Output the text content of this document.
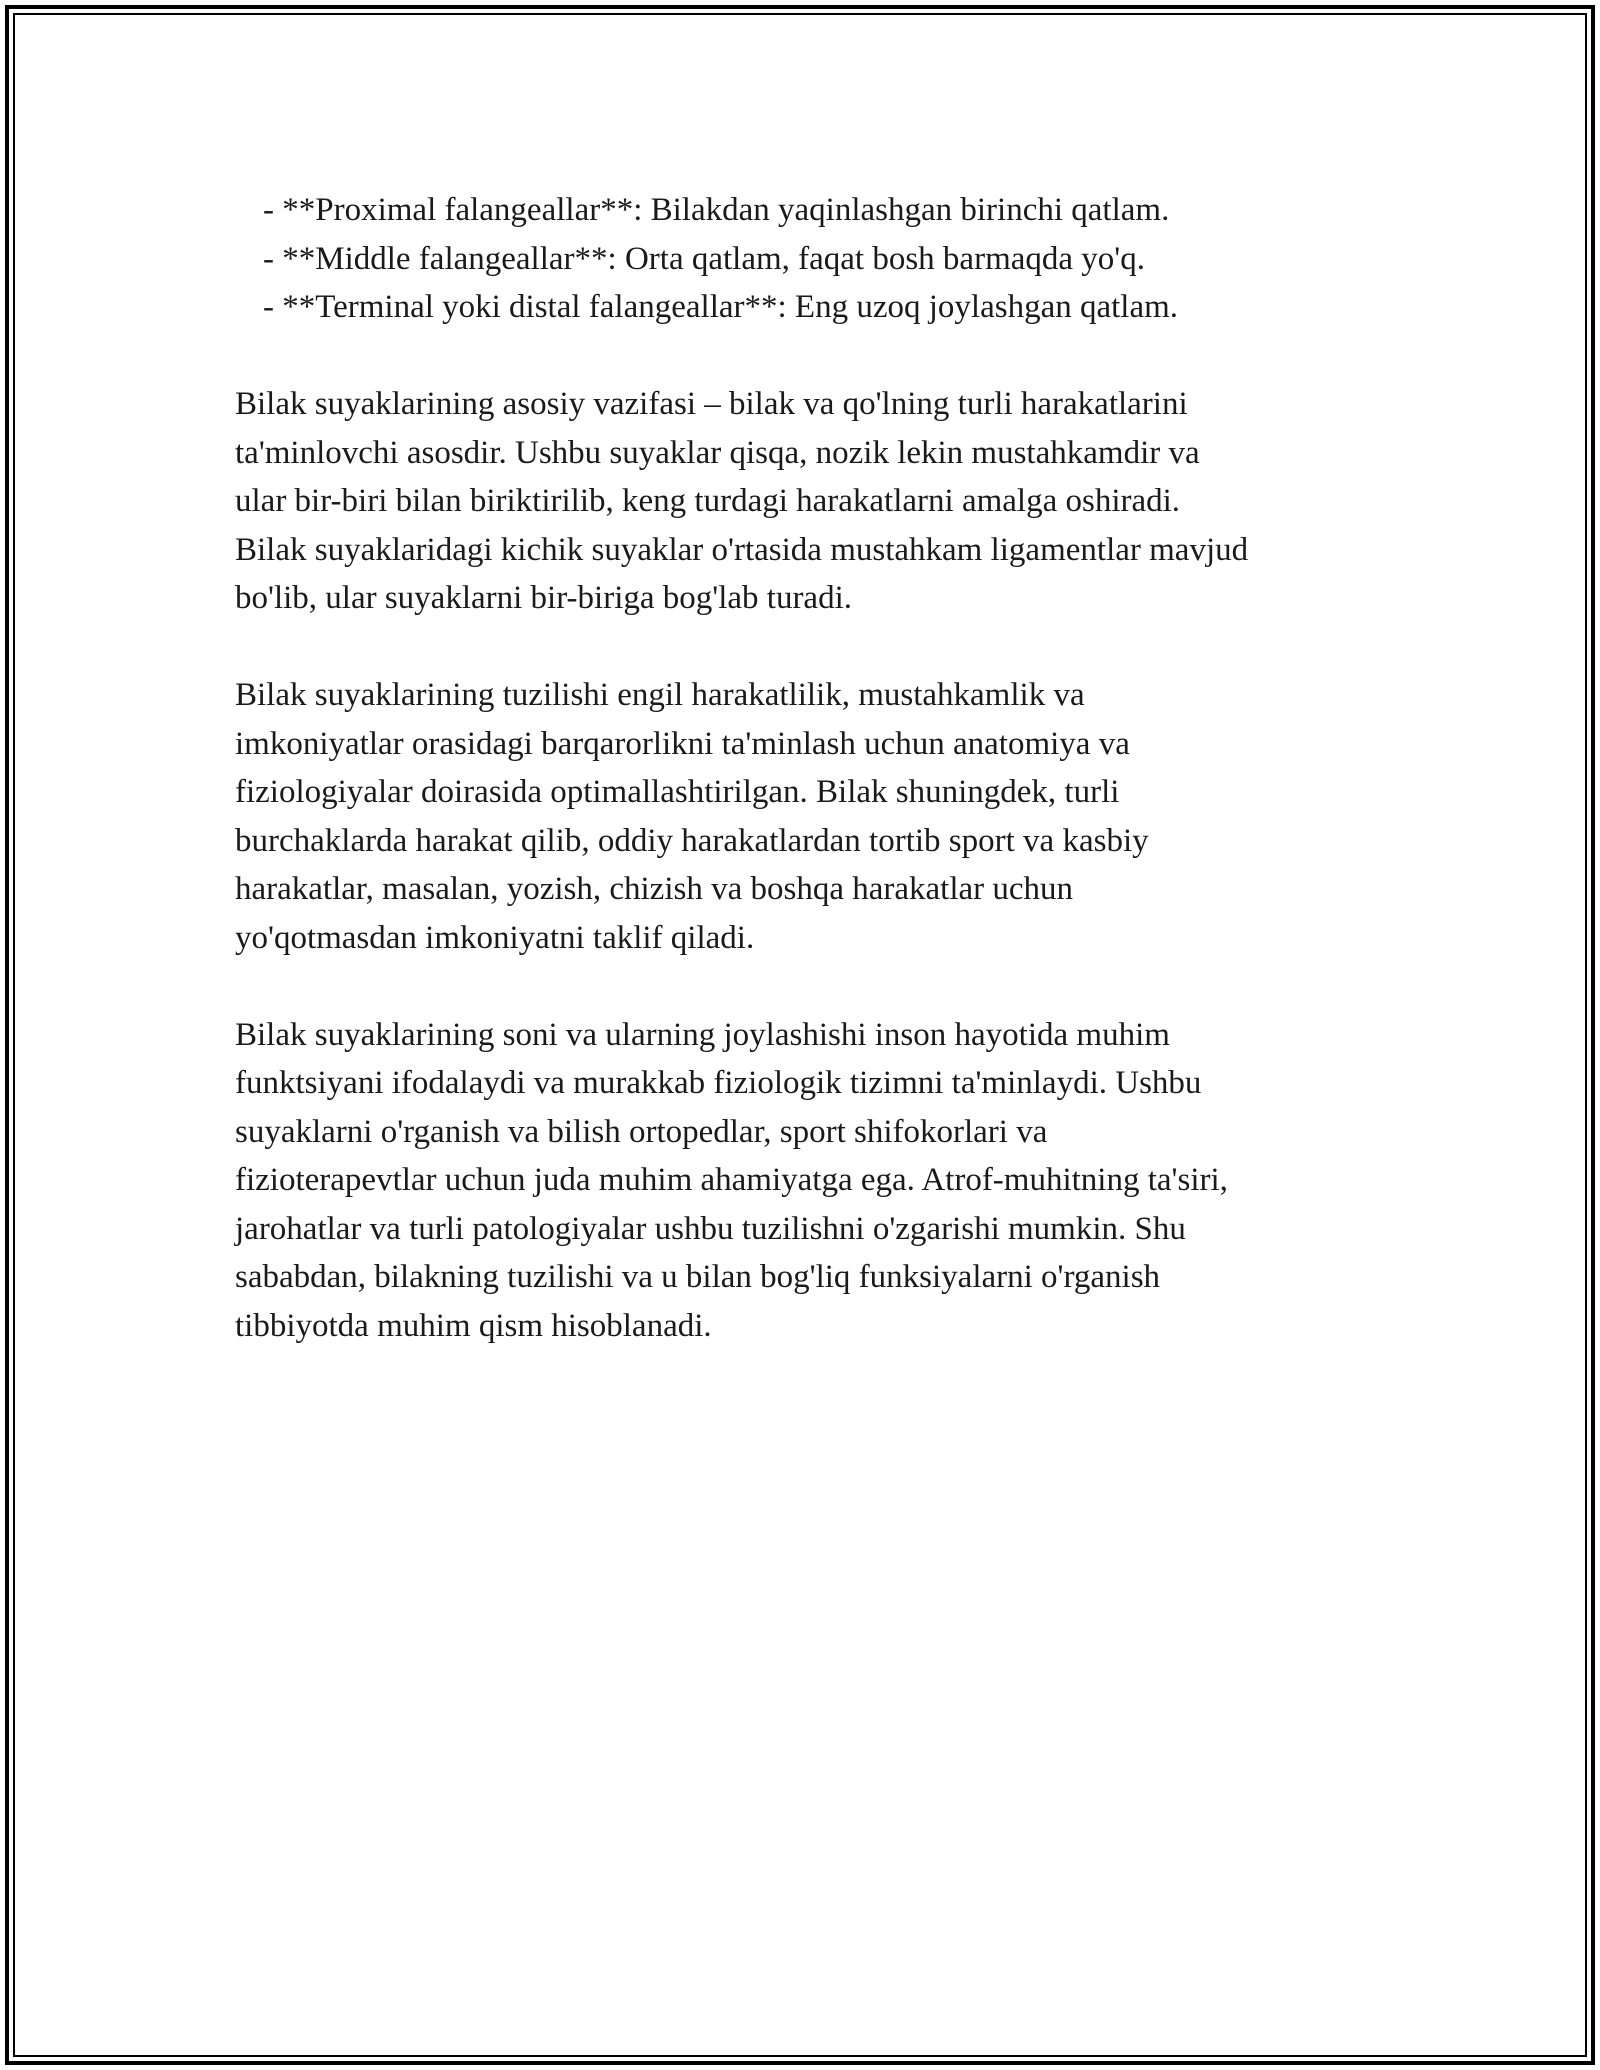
- **Proximal falangeallar**: Bilakdan yaqinlashgan birinchi qatlam.
- **Middle falangeallar**: Orta qatlam, faqat bosh barmaqda yo'q.
- **Terminal yoki distal falangeallar**: Eng uzoq joylashgan qatlam.

Bilak suyaklarining asosiy vazifasi – bilak va qo'lning turli harakatlarini
ta'minlovchi asosdir. Ushbu suyaklar qisqa, nozik lekin mustahkamdir va
ular bir-biri bilan biriktirilib, keng turdagi harakatlarni amalga oshiradi.
Bilak suyaklaridagi kichik suyaklar o'rtasida mustahkam ligamentlar mavjud
bo'lib, ular suyaklarni bir-biriga bog'lab turadi.

Bilak suyaklarining tuzilishi engil harakatlilik, mustahkamlik va
imkoniyatlar orasidagi barqarorlikni ta'minlash uchun anatomiya va
fiziologiyalar doirasida optimallashtirilgan. Bilak shuningdek, turli
burchaklarda harakat qilib, oddiy harakatlardan tortib sport va kasbiy
harakatlar, masalan, yozish, chizish va boshqa harakatlar uchun
yo'qotmasdan imkoniyatni taklif qiladi.

Bilak suyaklarining soni va ularning joylashishi inson hayotida muhim
funktsiyani ifodalaydi va murakkab fiziologik tizimni ta'minlaydi. Ushbu
suyaklarni o'rganish va bilish ortopedlar, sport shifokorlari va
fizioterapevtlar uchun juda muhim ahamiyatga ega. Atrof-muhitning ta'siri,
jarohatlar va turli patologiyalar ushbu tuzilishni o'zgarishi mumkin. Shu
sababdan, bilakning tuzilishi va u bilan bog'liq funksiyalarni o'rganish
tibbiyotda muhim qism hisoblanadi.
